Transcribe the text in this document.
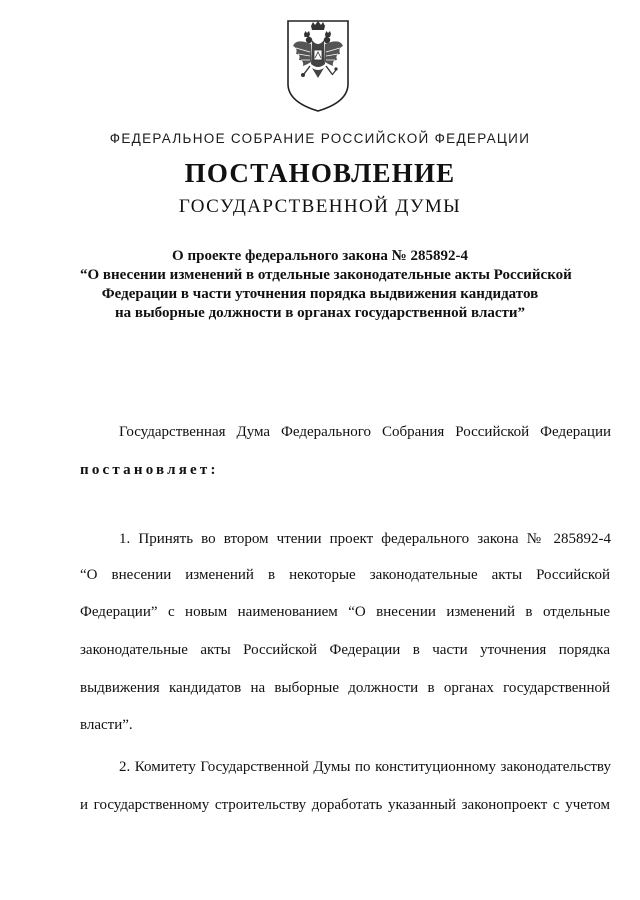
ФЕДЕРАЛЬНОЕ СОБРАНИЕ РОССИЙСКОЙ ФЕДЕРАЦИИ
ПОСТАНОВЛЕНИЕ
ГОСУДАРСТВЕННОЙ ДУМЫ
О проекте федерального закона № 285892-4
“О внесении изменений в отдельные законодательные акты Российской
Федерации в части уточнения порядка выдвижения кандидатов
на выборные должности в органах государственной власти”
Государственная Дума Федерального Собрания Российской Федерации
постановляет:
1. Принять во втором чтении проект федерального закона № 285892-4
“О внесении изменений в некоторые законодательные акты Российской
Федерации” с новым наименованием “О внесении изменений в отдельные
законодательные акты Российской Федерации в части уточнения порядка
выдвижения кандидатов на выборные должности в органах государственной
власти”.
2. Комитету Государственной Думы по конституционному законодательству
и государственному строительству доработать указанный законопроект с учетом
